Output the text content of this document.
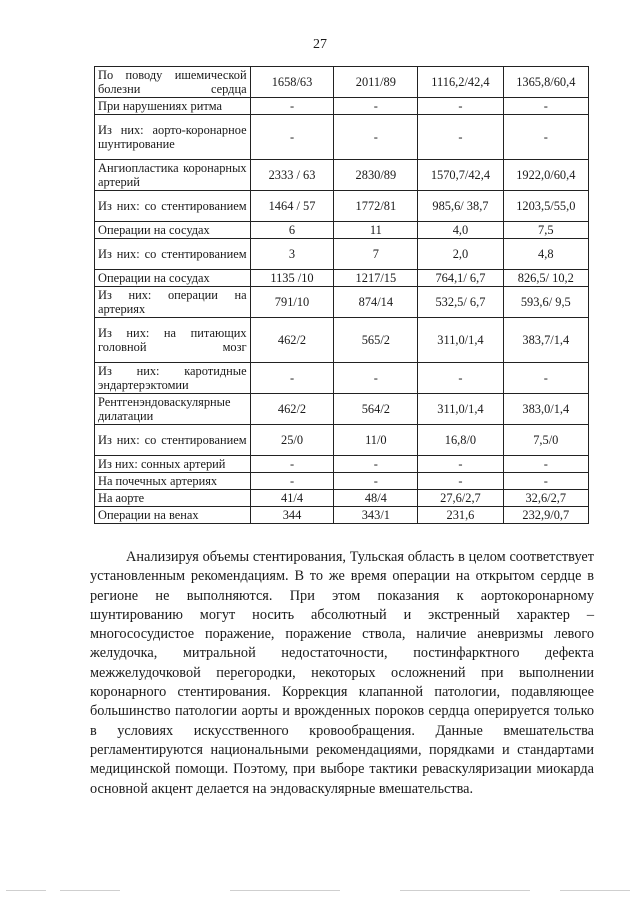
27
По поводу ишемической болезни сердца	1658/63	2011/89	1116,2/42,4	1365,8/60,4
При нарушениях ритма	-	-	-	-
Из них: аорто-коронарное шунтирование	-	-	-	-
Ангиопластика коронарных артерий	2333 / 63	2830/89	1570,7/42,4	1922,0/60,4
Из них: со стентированием	1464 / 57	1772/81	985,6/ 38,7	1203,5/55,0
Операции на сосудах	6	11	4,0	7,5
Из них: со стентированием	3	7	2,0	4,8
Операции на сосудах	1135 /10	1217/15	764,1/ 6,7	826,5/ 10,2
Из них: операции на артериях	791/10	874/14	532,5/ 6,7	593,6/ 9,5
Из них: на питающих головной мозг	462/2	565/2	311,0/1,4	383,7/1,4
Из них: каротидные эндартерэктомии	-	-	-	-
Рентгенэндоваскулярные дилатации	462/2	564/2	311,0/1,4	383,0/1,4
Из них: со стентированием	25/0	11/0	16,8/0	7,5/0
Из них: сонных артерий	-	-	-	-
На почечных артериях	-	-	-	-
На аорте	41/4	48/4	27,6/2,7	32,6/2,7
Операции на венах	344	343/1	231,6	232,9/0,7

Анализируя объемы стентирования, Тульская область в целом соответствует установленным рекомендациям. В то же время операции на открытом сердце в регионе не выполняются. При этом показания к аортокоронарному шунтированию могут носить абсолютный и экстренный характер – многососудистое поражение, поражение ствола, наличие аневризмы левого желудочка, митральной недостаточности, постинфарктного дефекта межжелудочковой перегородки, некоторых осложнений при выполнении коронарного стентирования. Коррекция клапанной патологии, подавляющее большинство патологии аорты и врожденных пороков сердца оперируется только в условиях искусственного кровообращения. Данные вмешательства регламентируются национальными рекомендациями, порядками и стандартами медицинской помощи. Поэтому, при выборе тактики реваскуляризации миокарда основной акцент делается на эндоваскулярные вмешательства.
